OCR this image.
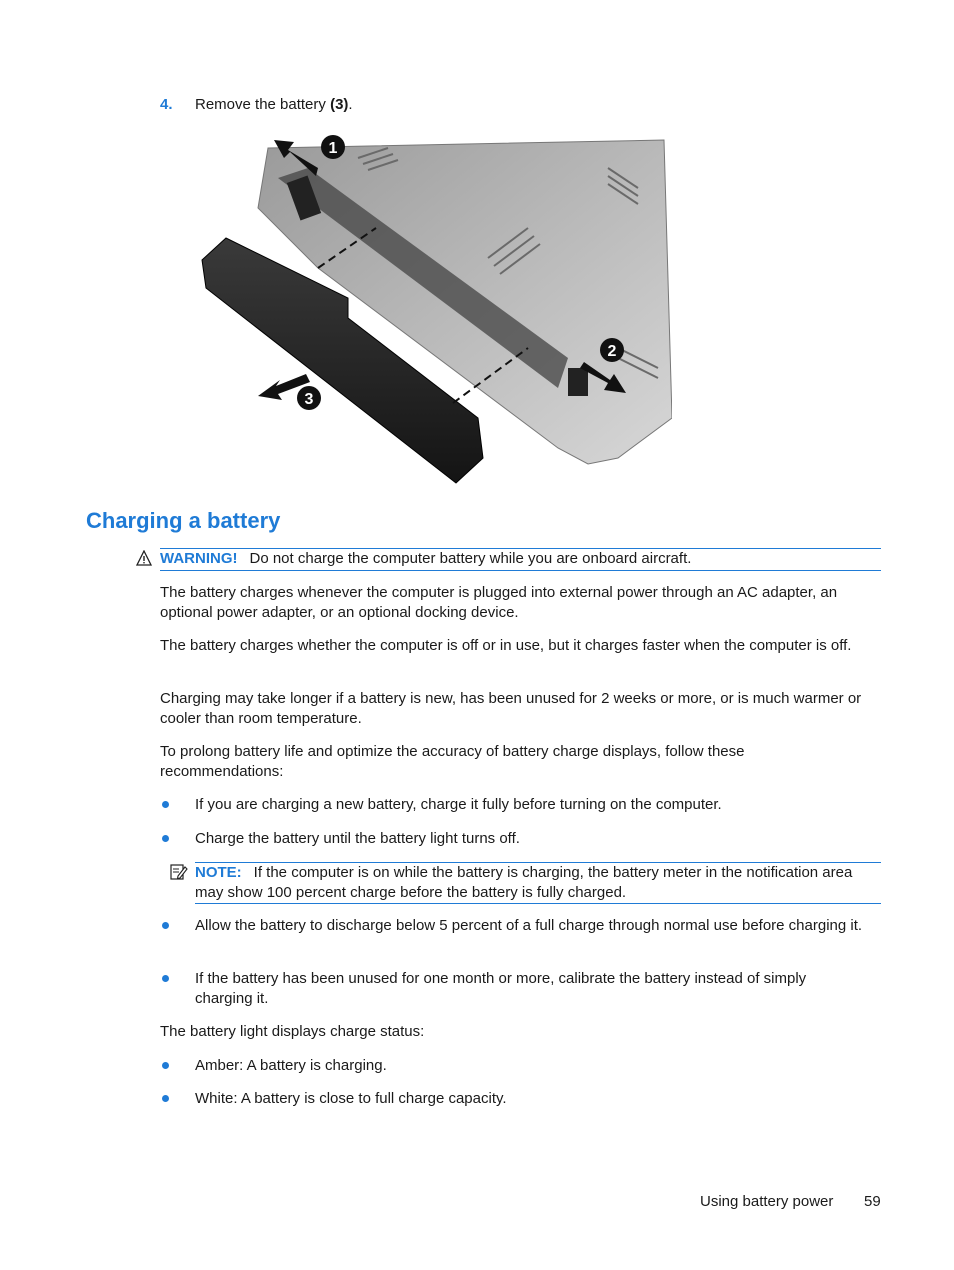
4. Remove the battery (3).
1
2
3
Charging a battery
WARNING! Do not charge the computer battery while you are onboard aircraft.

The battery charges whenever the computer is plugged into external power through an AC adapter, an optional power adapter, or an optional docking device.

The battery charges whether the computer is off or in use, but it charges faster when the computer is off.

Charging may take longer if a battery is new, has been unused for 2 weeks or more, or is much warmer or cooler than room temperature.

To prolong battery life and optimize the accuracy of battery charge displays, follow these recommendations:

If you are charging a new battery, charge it fully before turning on the computer.

Charge the battery until the battery light turns off.

NOTE: If the computer is on while the battery is charging, the battery meter in the notification area may show 100 percent charge before the battery is fully charged.

Allow the battery to discharge below 5 percent of a full charge through normal use before charging it.

If the battery has been unused for one month or more, calibrate the battery instead of simply charging it.

The battery light displays charge status:

Amber: A battery is charging.

White: A battery is close to full charge capacity.

Using battery power 59
